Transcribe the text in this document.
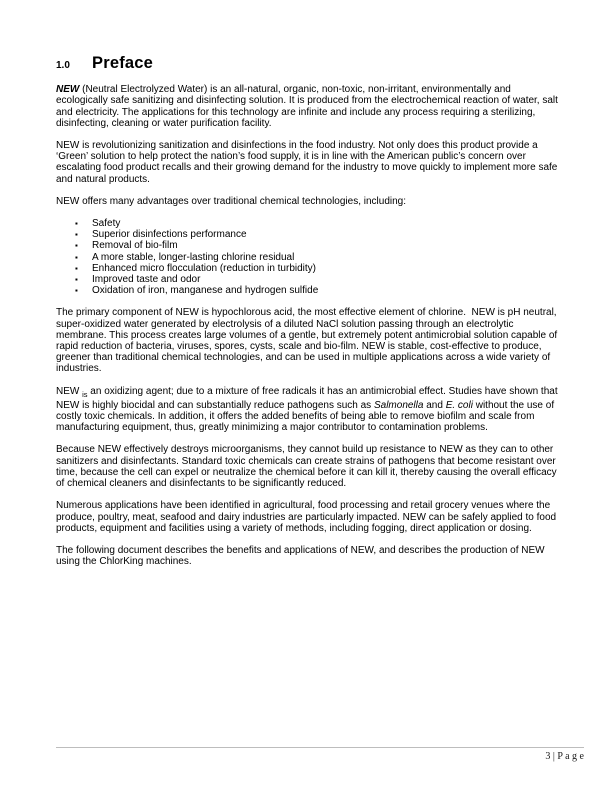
1.0	Preface

NEW (Neutral Electrolyzed Water) is an all-natural, organic, non-toxic, non-irritant, environmentally and ecologically safe sanitizing and disinfecting solution. It is produced from the electrochemical reaction of water, salt and electricity. The applications for this technology are infinite and include any process requiring a sterilizing, disinfecting, cleaning or water purification facility.

NEW is revolutionizing sanitization and disinfections in the food industry. Not only does this product provide a ‘Green’ solution to help protect the nation’s food supply, it is in line with the American public’s concern over escalating food product recalls and their growing demand for the industry to move quickly to implement more safe and natural products.

NEW offers many advantages over traditional chemical technologies, including:

▪ Safety
▪ Superior disinfections performance
▪ Removal of bio-film
▪ A more stable, longer-lasting chlorine residual
▪ Enhanced micro flocculation (reduction in turbidity)
▪ Improved taste and odor
▪ Oxidation of iron, manganese and hydrogen sulfide

The primary component of NEW is hypochlorous acid, the most effective element of chlorine.  NEW is pH neutral, super-oxidized water generated by electrolysis of a diluted NaCl solution passing through an electrolytic membrane. This process creates large volumes of a gentle, but extremely potent antimicrobial solution capable of rapid reduction of bacteria, viruses, spores, cysts, scale and bio-film. NEW is stable, cost-effective to produce, greener than traditional chemical technologies, and can be used in multiple applications across a wide variety of industries.

NEW $_{is}$ an oxidizing agent; due to a mixture of free radicals it has an antimicrobial effect. Studies have shown that NEW is highly biocidal and can substantially reduce pathogens such as Salmonella and E. coli without the use of costly toxic chemicals. In addition, it offers the added benefits of being able to remove biofilm and scale from manufacturing equipment, thus, greatly minimizing a major contributor to contamination problems.

Because NEW effectively destroys microorganisms, they cannot build up resistance to NEW as they can to other sanitizers and disinfectants. Standard toxic chemicals can create strains of pathogens that become resistant over time, because the cell can expel or neutralize the chemical before it can kill it, thereby causing the overall efficacy of chemical cleaners and disinfectants to be significantly reduced.

Numerous applications have been identified in agricultural, food processing and retail grocery venues where the produce, poultry, meat, seafood and dairy industries are particularly impacted. NEW can be safely applied to food products, equipment and facilities using a variety of methods, including fogging, direct application or dosing.

The following document describes the benefits and applications of NEW, and describes the production of NEW using the ChlorKing machines.

3 | P a g e
